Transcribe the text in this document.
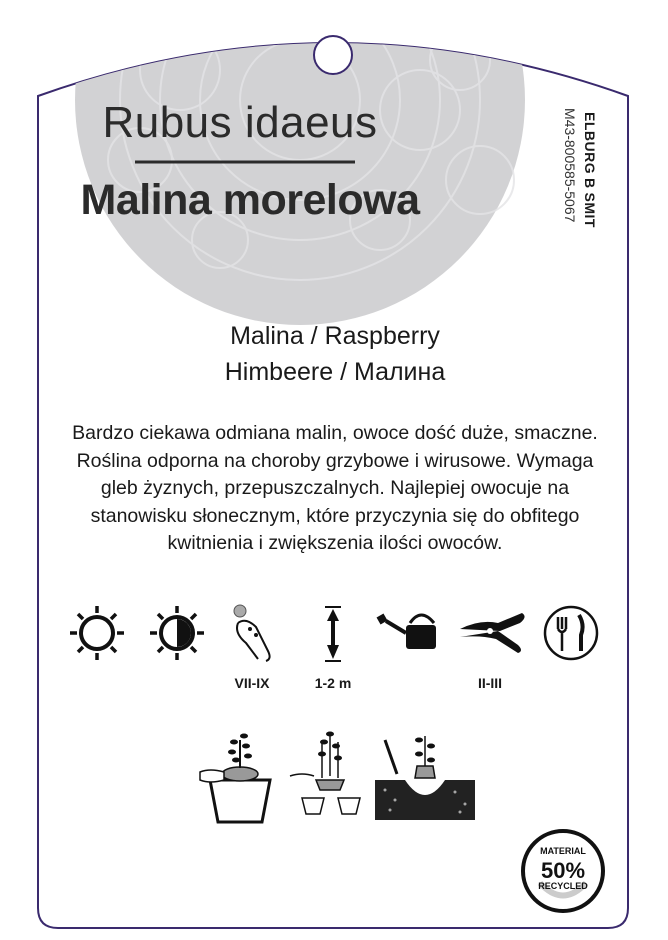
Rubus idaeus
Malina morelowa
Malina / Raspberry
Himbeere / Малина
Bardzo ciekawa odmiana malin, owoce dość duże, smaczne. Roślina odporna na choroby grzybowe i wirusowe. Wymaga gleb żyznych, przepuszczalnych. Najlepiej owocuje na stanowisku słonecznym, które przyczynia się do obfitego kwitnienia i zwiększenia ilości owoców.
ELBURG B SMIT
M43-800585-5067
VII-IX	1-2 m	II-III
MATERIAL
50%
RECYCLED
